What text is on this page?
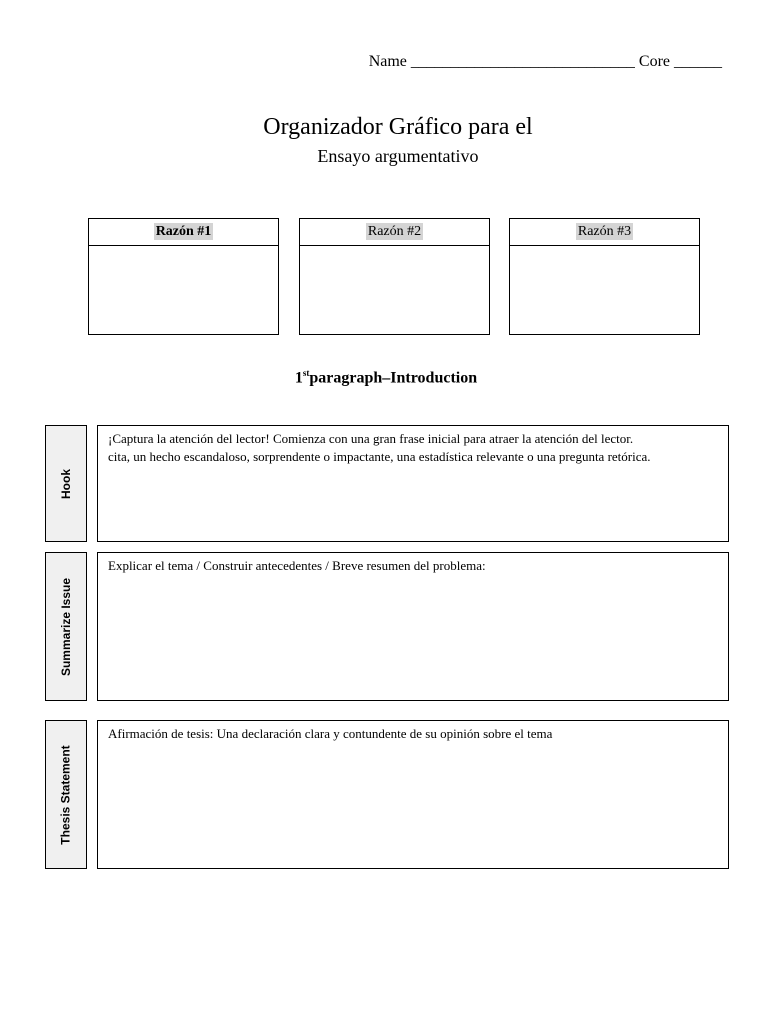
Name ____________________________ Core ______
Organizador Gráfico para el
Ensayo argumentativo
Razón #1	Razón #2	Razón #3
1stparagraph–Introduction
Hook
¡Captura la atención del lector! Comienza con una gran frase inicial para atraer la atención del lector.
cita, un hecho escandaloso, sorprendente o impactante, una estadística relevante o una pregunta retórica.
Summarize Issue
Explicar el tema / Construir antecedentes / Breve resumen del problema:
Thesis Statement
Afirmación de tesis: Una declaración clara y contundente de su opinión sobre el tema
